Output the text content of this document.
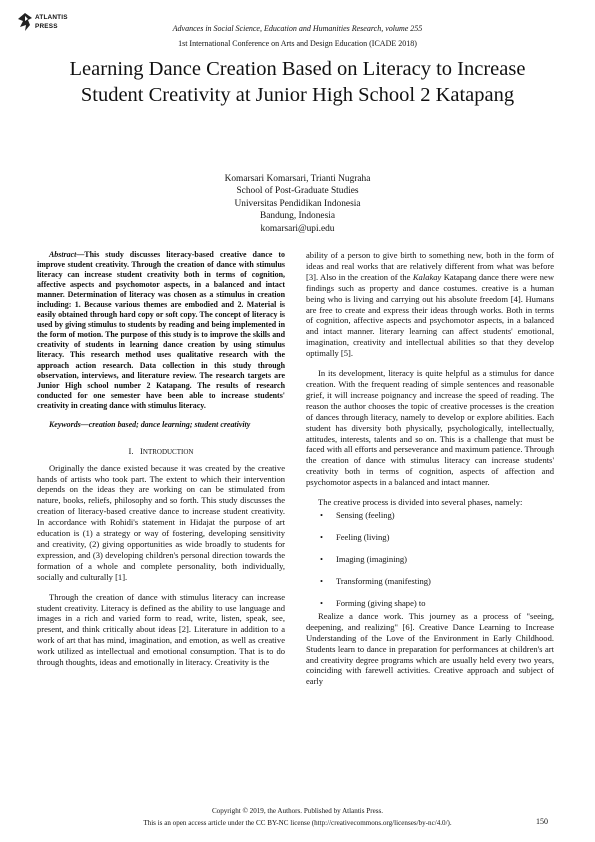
ATLANTIS
PRESS	Advances in Social Science, Education and Humanities Research, volume 255
1st International Conference on Arts and Design Education (ICADE 2018)
Learning Dance Creation Based on Literacy to Increase Student Creativity at Junior High School 2 Katapang
Komarsari Komarsari, Trianti Nugraha
School of Post-Graduate Studies
Universitas Pendidikan Indonesia
Bandung, Indonesia
komarsari@upi.edu

Abstract—This study discusses literacy-based creative dance to improve student creativity. Through the creation of dance with stimulus literacy can increase student creativity both in terms of cognition, affective aspects and psychomotor aspects, in a balanced and intact manner. Determination of literacy was chosen as a stimulus in creation including: 1. Because various themes are embodied and 2. Material is easily obtained through hard copy or soft copy. The concept of literacy is used by giving stimulus to students by reading and being implemented in the form of motion. The purpose of this study is to improve the skills and creativity of students in learning dance creation by using stimulus literacy. This research method uses qualitative research with the approach action research. Data collection in this study through observation, interviews, and literature review. The research targets are Junior High school number 2 Katapang. The results of research conducted for one semester have been able to increase students' creativity in creating dance with stimulus literacy.

Keywords—creation based; dance learning; student creativity

I. INTRODUCTION

Originally the dance existed because it was created by the creative hands of artists who took part. The extent to which their intervention depends on the ideas they are working on can be stimulated from nature, books, reliefs, philosophy and so forth. This study discusses the creation of literacy-based creative dance to increase student creativity. In accordance with Rohidi's statement in Hidajat the purpose of art education is (1) a strategy or way of fostering, developing sensitivity and creativity, (2) giving opportunities as wide broadly to students for expression, and (3) developing children's personal direction towards the formation of a whole and complete personality, both individually, socially and culturally [1].

Through the creation of dance with stimulus literacy can increase student creativity. Literacy is defined as the ability to use language and images in a rich and varied form to read, write, listen, speak, see, present, and think critically about ideas [2]. Literature in addition to a work of art that has mind, imagination, and emotion, as well as creative work utilized as intellectual and emotional consumption. That is to do through thoughts, ideas and emotionally in literacy. Creativity is the

ability of a person to give birth to something new, both in the form of ideas and real works that are relatively different from what was before [3]. Also in the creation of the Kalakay Katapang dance there were new findings such as property and dance costumes. creative is a human being who is living and carrying out his absolute freedom [4]. Humans are free to create and express their ideas through works. Both in terms of cognition, affective aspects and psychomotor aspects, in a balanced and intact manner. literary learning can affect students' emotional, imagination, creativity and intellectual abilities so that they develop optimally [5].

In its development, literacy is quite helpful as a stimulus for dance creation. With the frequent reading of simple sentences and reasonable grief, it will increase poignancy and increase the speed of reading. The reason the author chooses the topic of creative processes is the creation of dances through literacy, namely to develop or explore abilities. Each student has diversity both physically, psychologically, intellectually, attitudes, interests, talents and so on. This is a challenge that must be faced with all efforts and perseverance and maximum patience. Through the creation of dance with stimulus literacy can increase students' creativity both in terms of cognition, aspects of affection and psychomotor aspects in a balanced and intact manner.

The creative process is divided into several phases, namely:

• Sensing (feeling)
• Feeling (living)
• Imaging (imagining)
• Transforming (manifesting)
• Forming (giving shape) to

Realize a dance work. This journey as a process of "seeing, deepening, and realizing" [6]. Creative Dance Learning to Increase Understanding of the Love of the Environment in Early Childhood. Students learn to dance in preparation for performances at children's art and creativity degree programs which are usually held every two years, coinciding with farewell activities. Creative approach and subject of early

Copyright © 2019, the Authors. Published by Atlantis Press.
This is an open access article under the CC BY-NC license (http://creativecommons.org/licenses/by-nc/4.0/).	150
